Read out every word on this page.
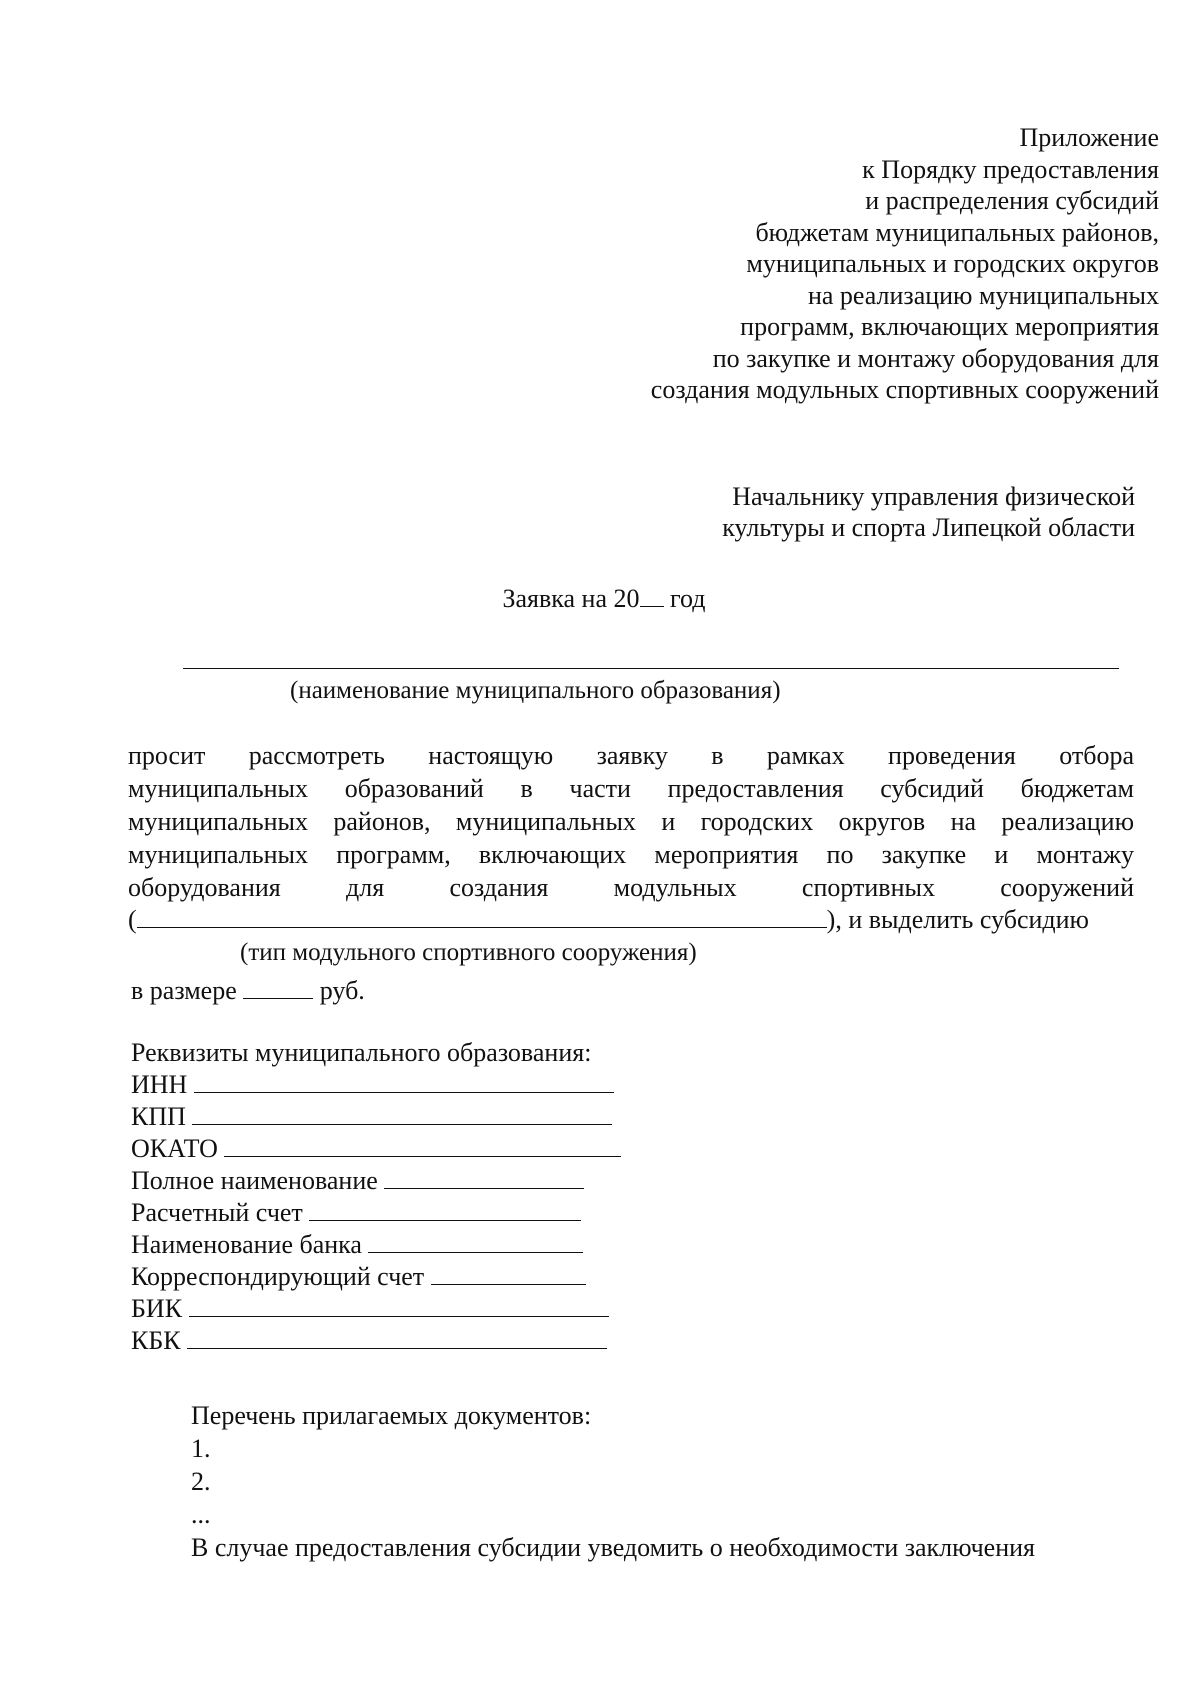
Приложение
к Порядку предоставления
и распределения субсидий
бюджетам муниципальных районов,
муниципальных и городских округов
на реализацию муниципальных
программ, включающих мероприятия
по закупке и монтажу оборудования для
создания модульных спортивных сооружений
Начальнику управления физической
культуры и спорта Липецкой области
Заявка на 20 год
(наименование муниципального образования)
просит рассмотреть настоящую заявку в рамках проведения отбора
муниципальных образований в части предоставления субсидий бюджетам
муниципальных районов, муниципальных и городских округов на реализацию
муниципальных программ, включающих мероприятия по закупке и монтажу
оборудования для создания модульных спортивных сооружений
(	), и выделить субсидию
(тип модульного спортивного сооружения)
в размере	руб.
Реквизиты муниципального образования:
ИНН
КПП
ОКАТО
Полное наименование
Расчетный счет
Наименование банка
Корреспондирующий счет
БИК
КБК
Перечень прилагаемых документов:
1.
2.
...
В случае предоставления субсидии уведомить о необходимости заключения
